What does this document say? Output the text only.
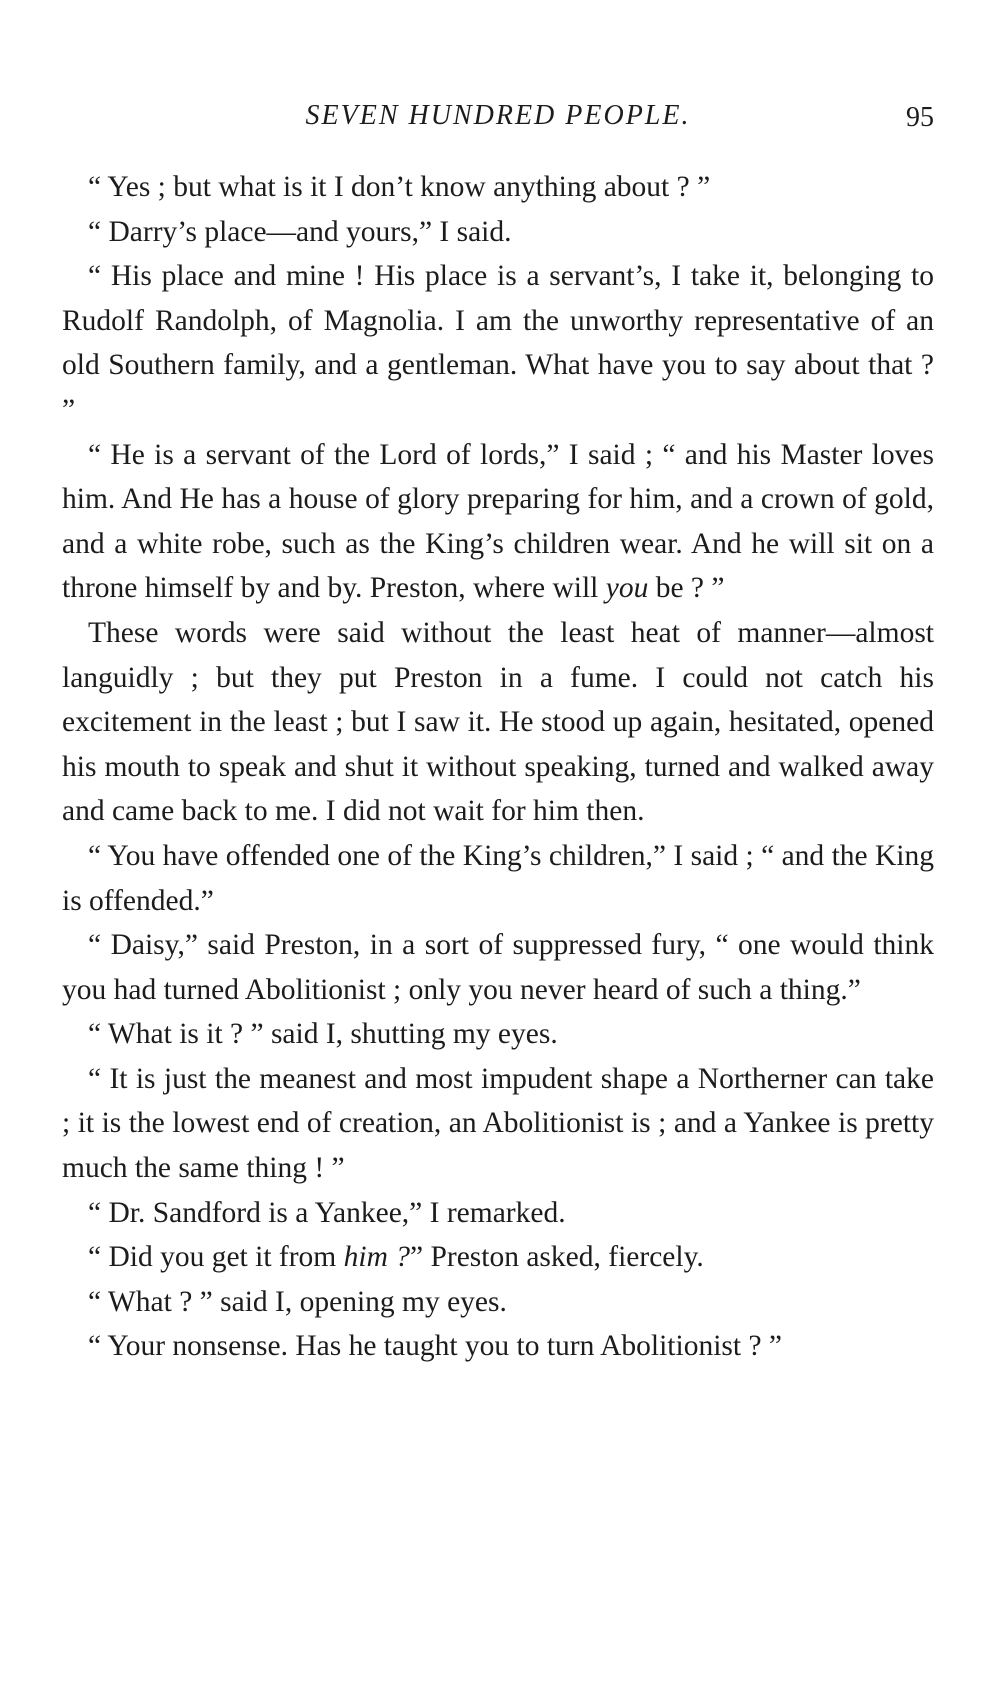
SEVEN HUNDRED PEOPLE.	95

“ Yes ; but what is it I don’t know anything about ? ”

“ Darry’s place—and yours,” I said.

“ His place and mine ! His place is a servant’s, I take it, belonging to Rudolf Randolph, of Magnolia. I am the unworthy representative of an old Southern family, and a gentleman. What have you to say about that ? ”

“ He is a servant of the Lord of lords,” I said ; “ and his Master loves him. And He has a house of glory preparing for him, and a crown of gold, and a white robe, such as the King’s children wear. And he will sit on a throne himself by and by. Preston, where will you be ? ”

These words were said without the least heat of manner—almost languidly ; but they put Preston in a fume. I could not catch his excitement in the least ; but I saw it. He stood up again, hesitated, opened his mouth to speak and shut it without speaking, turned and walked away and came back to me. I did not wait for him then.

“ You have offended one of the King’s children,” I said ; “ and the King is offended.”

“ Daisy,” said Preston, in a sort of suppressed fury, “ one would think you had turned Abolitionist ; only you never heard of such a thing.”

“ What is it ? ” said I, shutting my eyes.

“ It is just the meanest and most impudent shape a Northerner can take ; it is the lowest end of creation, an Abolitionist is ; and a Yankee is pretty much the same thing ! ”

“ Dr. Sandford is a Yankee,” I remarked.

“ Did you get it from him ?” Preston asked, fiercely.

“ What ? ” said I, opening my eyes.

“ Your nonsense. Has he taught you to turn Abolitionist ? ”
